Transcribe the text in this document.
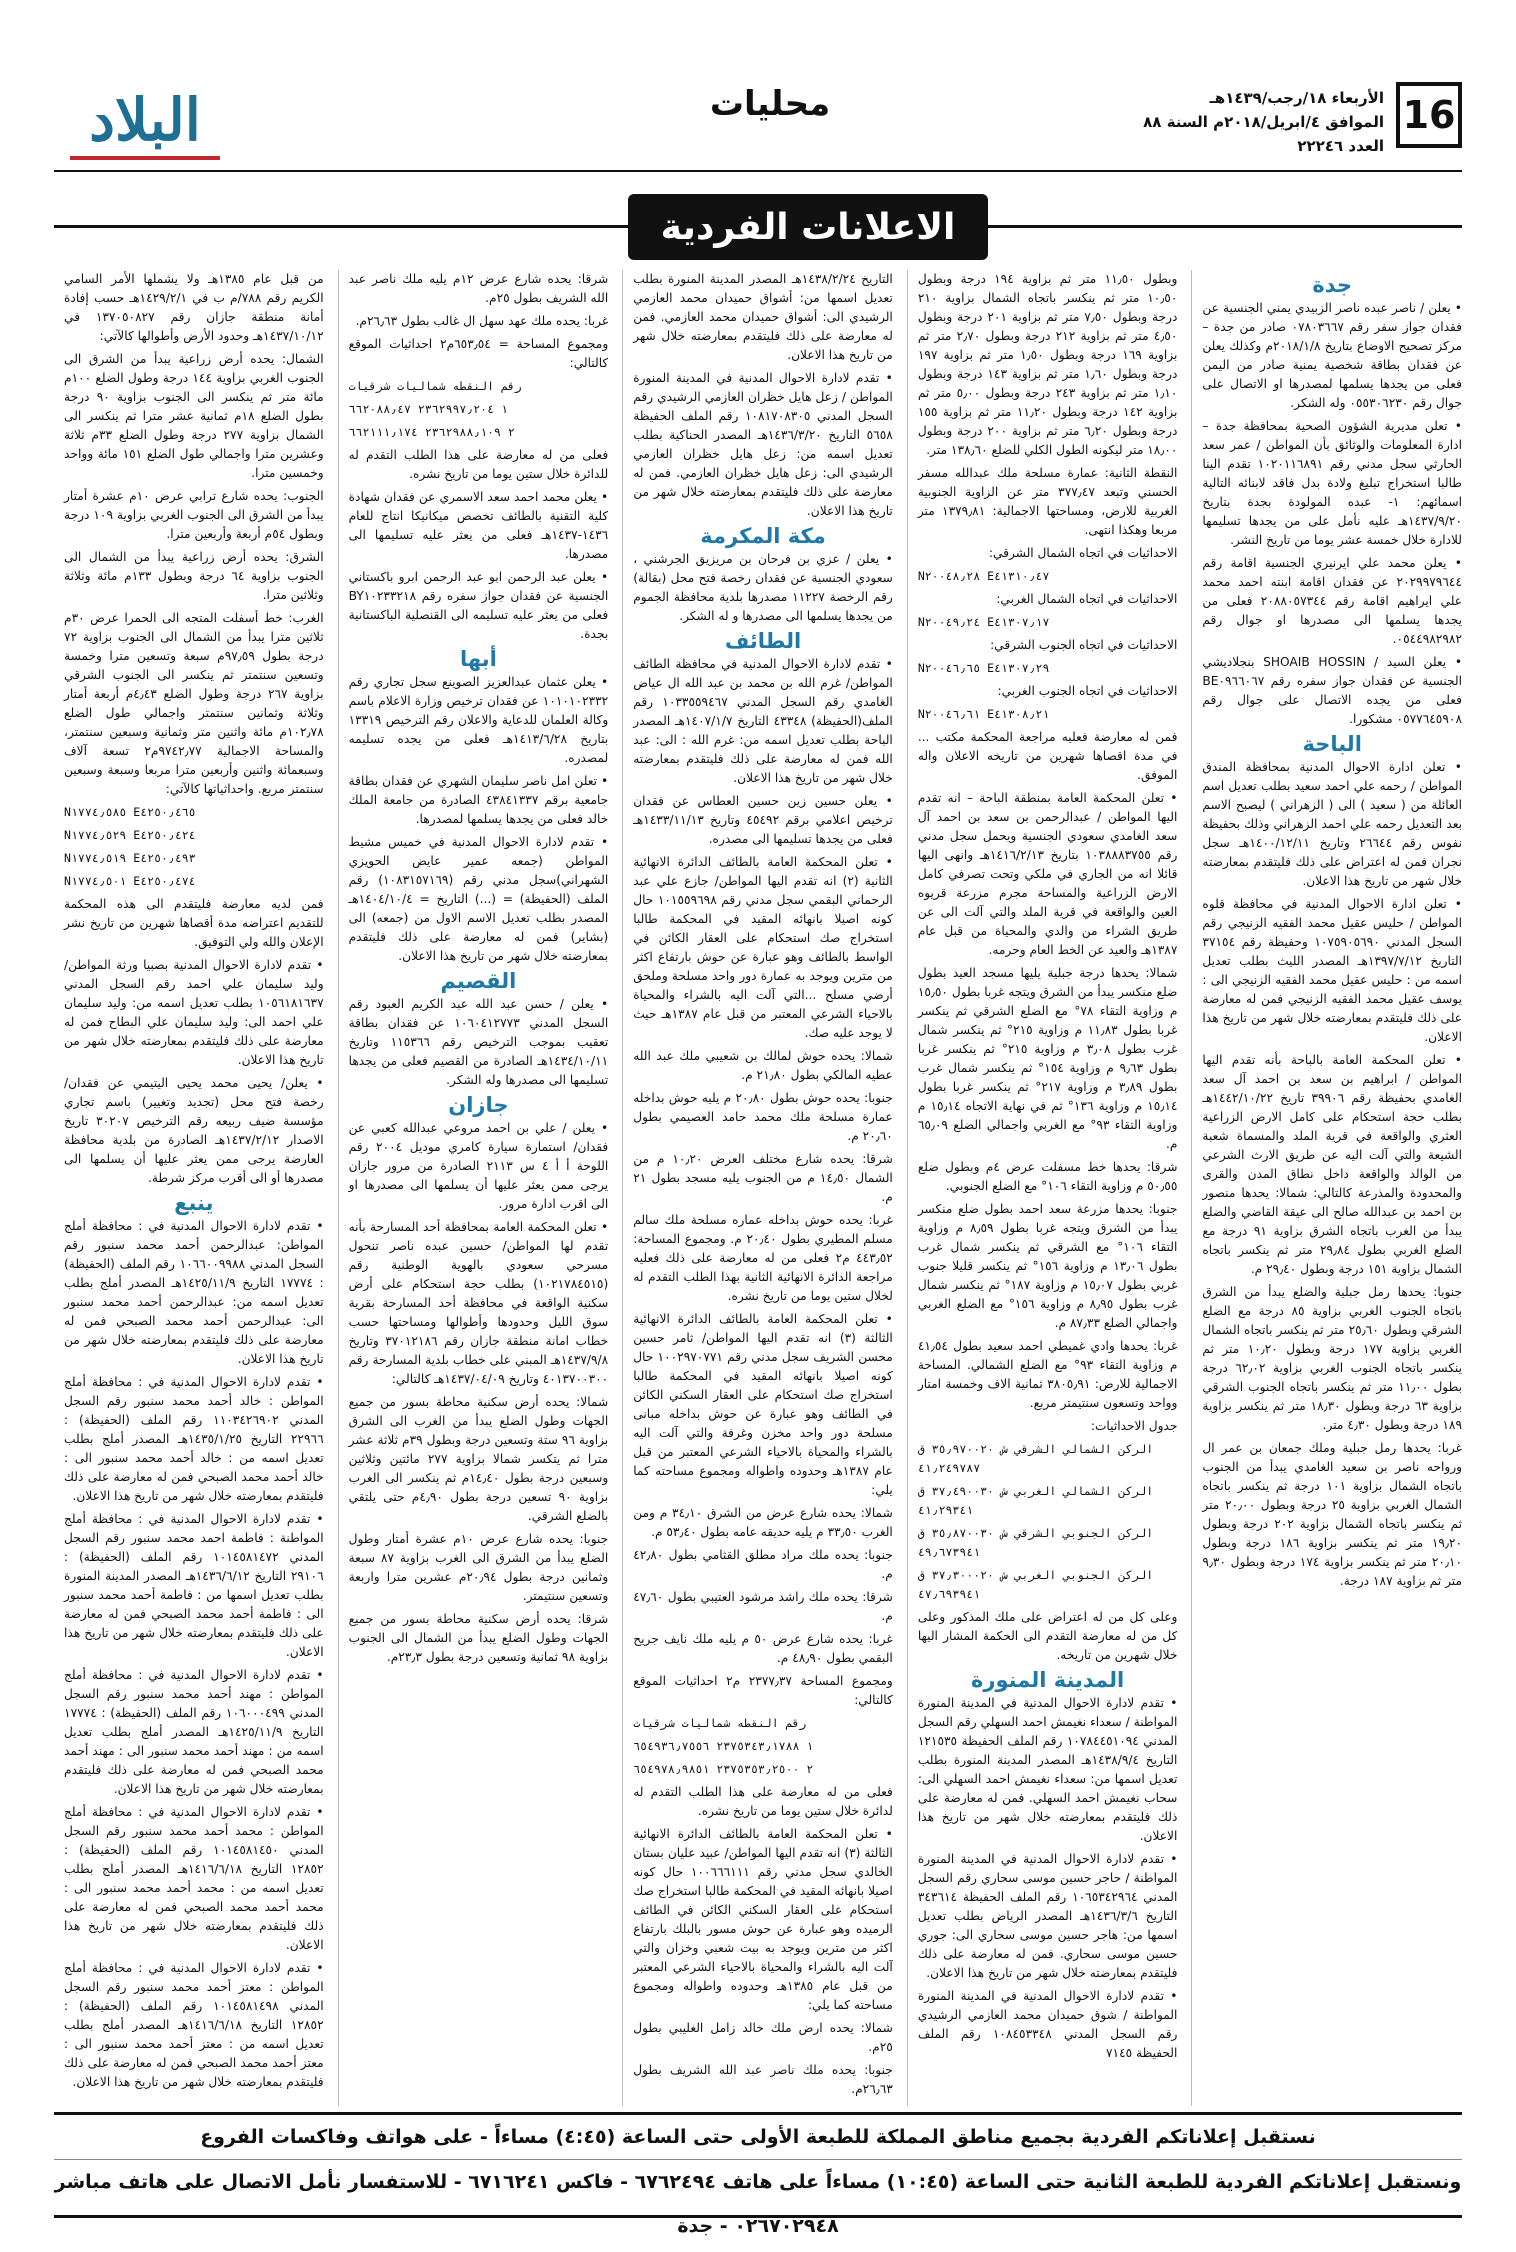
16
الأربعاء ١٨/رجب/١٤٣٩هـ
الموافق ٤/ابريل/٢٠١٨م السنة ٨٨ العدد ٢٢٢٤٦
محليات
البلاد
الاعلانات الفردية
جدة

• يعلن / ناصر عبده ناصر الزبيدي يمني الجنسية عن فقدان جواز سفر رقم ٠٧٨٠٣٦٦٧ صادر من جدة – مركز تصحيح الاوضاع بتاريخ ٢٠١٨/١/٨م وكذلك يعلن عن فقدان بطاقة شخصية يمنية صادر من اليمن فعلى من يجدها يسلمها لمصدرها او الاتصال على جوال رقم ٠٥٥٣٠٦٢٣٠ وله الشكر.

• تعلن مديرية الشؤون الصحية بمحافظة جدة – ادارة المعلومات والوثائق بأن المواطن / عمر سعد الحارثي سجل مدني رقم ١٠٢٠١١٦٨٩١ تقدم الينا طالبا استخراج تبليغ ولادة بدل فاقد لابنائه التالية اسمائهم: ١- عبده المولودة بجدة بتاريخ ١٤٣٧/٩/٢٠هـ عليه نأمل على من يجدها تسليمها للادارة خلال خمسة عشر يوما من تاريخ النشر.

• يعلن محمد علي ايرنيري الجنسية اقامة رقم ٢٠٢٩٩٧٩٦٤٤ عن فقدان اقامة ابنته احمد محمد علي ايراهيم اقامة رقم ٢٠٨٨٠٥٧٣٤٤ فعلى من يجدها يسلمها الى مصدرها او جوال رقم ٠٥٤٤٩٨٢٩٨٢.

• يعلن السيد / SHOAIB HOSSIN بنجلاديشي الجنسية عن فقدان جواز سفره رقم BE٠٩٦٦٠٦٧ فعلى من يجده الاتصال على جوال رقم ٠٥٧٧٦٤٥٩٠٨ مشكورا.

الباحة

• تعلن ادارة الاحوال المدنية بمحافظة المندق المواطن / رحمه علي احمد سعيد بطلب تعديل اسم العائلة من ( سعيد ) الى ( الزهراني ) ليصبح الاسم بعد التعديل رحمه علي احمد الزهراني وذلك بحفيظة نفوس رقم ٢٦٦٤٤ وتاريخ ١٤٠٠/١٢/١١هـ سجل نجران فمن له اعتراض على ذلك فليتقدم بمعارضته خلال شهر من تاريخ هذا الاعلان.

• تعلن ادارة الاحوال المدنية في محافظة قلوه المواطن / حليس عقيل محمد الفقيه الزنيجي رقم السجل المدني ١٠٧٥٩٠٥٦٩٠ وحفيظة رقم ٣٧١٥٤ التاريخ ١٣٩٧/٧/١٢هـ المصدر الليث بطلب تعديل اسمه من : حليس عقيل محمد الفقيه الزنيجي الى : يوسف عقيل محمد الفقيه الزنيجي فمن له معارضة على ذلك فليتقدم بمعارضته خلال شهر من تاريخ هذا الاعلان.

• تعلن المحكمة العامة بالباحة بأنه تقدم اليها المواطن / ابراهيم بن سعد بن احمد آل سعد الغامدي بحفيظة رقم ٣٩٩٠٦ تاريخ ١٤٤٢/١٠/٢٢هـ بطلب حجة استحكام على كامل الارض الزراعية العثري والواقعة في قرية الملد والمسماة شعبة الشيعة والتي آلت اليه عن طريق الارث الشرعي من الوالد والواقعة داخل نطاق المدن والقرى والمحدودة والمذرعة كالتالي: شمالا: يحدها منصور بن احمد بن عبدالله صالح الى عيقة القاضي والضلع يبدأ من الغرب باتجاه الشرق بزاوية ٩١ درجة مع الضلع الغربي بطول ٢٩٫٨٤ متر ثم ينكسر باتجاه الشمال بزاوية ١٥١ درجة وبطول ٢٩٫٤٠ م.

جنوبا: يحدها رمل جبلية والضلع يبدأ من الشرق باتجاه الجنوب الغربي بزاوية ٨٥ درجة مع الضلع الشرقي وبطول ٢٥٫٦٠ متر ثم ينكسر باتجاه الشمال الغربي بزاوية ١٧٧ درجة وبطول ١٠٫٢٠ متر ثم ينكسر باتجاه الجنوب الغربي بزاوية ٦٢٫٠٢ درجة بطول ١١٫٠٠ متر ثم ينكسر باتجاه الجنوب الشرقي بزاوية ٦٣ درجة وبطول ١٨٫٣٠ متر ثم ينكسر بزاوية ١٨٩ درجة وبطول ٤٫٣٠ متر.

غربا: يحدها رمل جبلية وملك جمعان بن عمر ال ورواحه ناصر بن سعيد الغامدي يبدأ من الجنوب باتجاه الشمال بزاوية ١٠١ درجة ثم ينكسر باتجاه الشمال الغربي بزاوية ٢٥ درجة وبطول ٢٠٫٠٠ متر ثم ينكسر باتجاه الشمال بزاوية ٢٠٢ درجة وبطول ١٩٫٢٠ متر ثم ينكسر بزاوية ١٨٦ درجة وبطول ٢٠٫١٠ متر ثم ينكسر بزاوية ١٧٤ درجة وبطول ٩٫٣٠ متر ثم بزاوية ١٨٧ درجة.

وبطول ١١٫٥٠ متر ثم بزاوية ١٩٤ درجة وبطول ١٠٫٥٠ متر ثم ينكسر باتجاه الشمال بزاوية ٢١٠ درجة وبطول ٧٫٥٠ متر ثم بزاوية ٢٠١ درجة وبطول ٤٫٥٠ متر ثم بزاوية ٢١٢ درجة وبطول ٢٫٧٠ متر ثم بزاوية ١٦٩ درجة وبطول ١٫٥٠ متر ثم بزاوية ١٩٧ درجة وبطول ١٫٦٠ متر ثم بزاوية ١٤٣ درجة وبطول ١٫١٠ متر ثم بزاوية ٢٤٣ درجة وبطول ٥٫٠٠ متر ثم بزاوية ١٤٢ درجة وبطول ١١٫٢٠ متر ثم بزاوية ١٥٥ درجة وبطول ٦٫٢٠ متر ثم بزاوية ٢٠٠ درجة وبطول ١٨٫٠٠ متر ليكونه الطول الكلي للضلع ١٣٨٫٦٠ متر.

النقطة الثانية: عمارة مسلحة ملك عبدالله مسفر الحسني وتبعد ٣٧٧٫٤٧ متر عن الزاوية الجنوبية الغربية للارض، ومساحتها الاجمالية: ١٣٧٩٫٨١ متر مربعا وهكذا انتهى.

الاحداثيات في اتجاه الشمال الشرقي:

N٢٠٠٤٨٫٢٨ E٤١٣١٠٫٤٧

الاحداثيات في اتجاه الشمال الغربي:

N٢٠٠٤٩٫٢٤ E٤١٣٠٧٫١٧

الاحداثيات في اتجاه الجنوب الشرقي:

N٢٠٠٤٦٫٦٥ E٤١٣٠٧٫٢٩

الاحداثيات في اتجاه الجنوب الغربي:

N٢٠٠٤٦٫٦١ E٤١٣٠٨٫٢١

فمن له معارضة فعليه مراجعة المحكمة مكتب ... في مدة اقصاها شهرين من تاريخه الاعلان واله الموفق.

• تعلن المحكمة العامة بمنطقة الباحة – انه تقدم اليها المواطن / عبدالرحمن بن سعد بن احمد آل سعد الغامدي سعودي الجنسية ويحمل سجل مدني رقم ١٠٣٨٨٨٣٧٥٥ بتاريخ ١٤١٦/٢/١٣هـ وانهى اليها قائلا انه من الجاري في ملكي وتحت تصرفي كامل الارض الزراعية والمساحة مجرم مزرعة قريوه العين والواقعة في قرية الملد والتي آلت الى عن طريق الشراء من والدي والمحياة من قبل عام ١٣٨٧هـ والعيد عن الخط العام وحرمه.

شمالا: يحدها درجة جبلية يليها مسجد العيد بطول ضلع منكسر يبدأ من الشرق ويتجه غربا بطول ١٥٫٥٠ م وزاوية التقاء ٧٨° مع الضلع الشرقي ثم ينكسر غربا بطول ١١٫٨٣ م وزاوية ٢١٥° ثم ينكسر شمال غرب بطول ٣٫٠٨ م وزاوية ٢١٥° ثم ينكسر غربا بطول ٩٫٦٣ م وزاوية ١٥٤° ثم ينكسر شمال غرب بطول ٣٫٨٩ م وزاوية ٢١٧° ثم ينكسر غربا بطول ١٥٫١٤ م وزاوية ١٣٦° ثم في نهاية الاتجاه ١٥٫١٤ م وزاوية التقاء ٩٣° مع الغربي واجمالي الضلع ٦٥٫٠٩ م.

شرقا: يحدها خط مسفلت عرض ٤م وبطول ضلع ٥٠٫٥٥ م وزاوية التقاء ١٠٦° مع الضلع الجنوبي.

جنوبا: يحدها مزرعة سعد احمد بطول ضلع منكسر يبدأ من الشرق ويتجه غربا بطول ٨٫٥٩ م وزاوية التقاء ١٠٦° مع الشرقي ثم ينكسر شمال غرب بطول ١٣٫٠٦ م وزاوية ١٥٦° ثم ينكسر قليلا جنوب غربي بطول ١٥٫٠٧ م وزاوية ١٨٧° ثم ينكسر شمال غرب بطول ٨٫٩٥ م وزاوية ١٥٦° مع الضلع الغربي واجمالي الضلع ٨٧٫٣٣ م.

غربا: يحدها وادي غميطي احمد سعيد بطول ٤١٫٥٤ م وزاوية التقاء ٩٣° مع الضلع الشمالي. المساحة الاجمالية للارض: ٣٨٠٥٫٩١ ثمانية الاف وخمسة امتار وواحد وتسعون سنتيمتر مربع.

جدول الاحداثيات:

الركن الشمالي الشرقي ش ٣٥٫٩٧٠٠٢٠ ق ٤١٫٢٤٩٧٨٧

الركن الشمالي الغربي ش ٣٧٫٤٩٠٠٣٠ ق ٤١٫٢٩٣٤١

الركن الجنوبي الشرقي ش ٣٥٫٨٧٠٠٣٠ ق ٤٩٫٦٧٣٩٤١

الركن الجنوبي الغربي ش ٣٧٫٣٠٠٠٢٠ ق ٤٧٫٦٩٣٩٤١

وعلى كل من له اعتراض على ملك المذكور وعلى كل من له معارضة التقدم الى الحكمة المشار اليها خلال شهرين من تاريخه.

المدينة المنورة

• تقدم لادارة الاحوال المدنية في المدينة المنورة المواطنة / سعداء نغيمش احمد السهلي رقم السجل المدني ١٠٧٨٤٤٥١٠٩٤ رقم الملف الحفيظة ١٢١٥٣٥ التاريخ ١٤٣٨/٩/٤هـ المصدر المدينة المنورة بطلب تعديل اسمها من: سعداء نغيمش احمد السهلي الى: سحاب نغيمش احمد السهلي. فمن له معارضة على ذلك فليتقدم بمعارضته خلال شهر من تاريخ هذا الاعلان.

• تقدم لادارة الاحوال المدنية في المدينة المنورة المواطنة / حاجر حسين موسى سحاري رقم السجل المدني ١٠٦٥٣٤٢٩٦٤ رقم الملف الحفيظة ٣٤٣٦١٤ التاريخ ١٤٣٦/٣/٦هـ المصدر الرياض بطلب تعديل اسمها من: هاجر حسين موسى سحاري الى: جوري حسين موسى سحاري. فمن له معارضة على ذلك فليتقدم بمعارضته خلال شهر من تاريخ هذا الاعلان.

• تقدم لادارة الاحوال المدنية في المدينة المنورة المواطنة / شوق حميدان محمد العازمي الرشيدي رقم السجل المدني ١٠٨٤٥٣٣٤٨ رقم الملف الحفيظة ٧١٤٥

التاريخ ١٤٣٨/٢/٢٤هـ المصدر المدينة المنورة بطلب تعديل اسمها من: أشواق حميدان محمد العازمي الرشيدي الى: أشواق حميدان محمد العازمي. فمن له معارضة على ذلك فليتقدم بمعارضته خلال شهر من تاريخ هذا الاعلان.

• تقدم لادارة الاحوال المدنية في المدينة المنورة المواطن / زعل هايل خظران العازمي الرشيدي رقم السجل المدني ١٠٨١٧٠٨٣٠٥ رقم الملف الحفيظة ٥٦٥٨ التاريخ ١٤٣٦/٣/٢٠هـ المصدر الحناكية بطلب تعديل اسمه من: زعل هايل خظران العازمي الرشيدي الى: زعل هايل خظران العازمي. فمن له معارضة على ذلك فليتقدم بمعارضته خلال شهر من تاريخ هذا الاعلان.

مكة المكرمة

• يعلن / عزي بن فرحان بن مريزيق الجرشني ، سعودي الجنسية عن فقدان رخصة فتح محل (بقالة) رقم الرخصة ١١٢٢٧ مصدرها بلدية محافظة الجموم من يجدها يسلمها الى مصدرها و له الشكر.

الطائف

• تقدم لادارة الاحوال المدنية في محافظة الطائف المواطن/ غرم الله بن محمد بن عبد الله ال عياض الغامدي رقم السجل المدني ١٠٣٣٥٥٩٤٦٧ رقم الملف(الحفيظة) ٤٣٣٤٨ التاريخ ١٤٠٧/١/٧هـ المصدر الباحة بطلب تعديل اسمه من: غرم الله : الى: عبد الله فمن له معارضة على ذلك فليتقدم بمعارضته خلال شهر من تاريخ هذا الاعلان.

• يعلن حسين زين حسين العطاس عن فقدان ترخيص اعلامي برقم ٤٥٤٩٢ وتاريخ ١٤٣٣/١١/١٣هـ فعلى من يجدها تسليمها الى مصدره.

• تعلن المحكمة العامة بالطائف الدائرة الانهائية الثانية (٢) انه تقدم اليها المواطن/ جازع علي عبد الرحماني البقمي سجل مدني رقم ١٠١٥٥٩٦٩٨ حال كونه اصيلا بانهائه المقيد في المحكمة طالبا استخراج صك استحكام على العقار الكائن في الواسط بالطائف وهو عبارة عن حوش بارتفاع اكثر من مترين ويوجد به عمارة دور واحد مسلحة وملحق أرضي مسلح ...التي آلت اليه بالشراء والمحياة بالاحياء الشرعي المعتبر من قبل عام ١٣٨٧هـ حيث لا يوجد عليه صك.

شمالا: يحده حوش لمالك بن شعيبي ملك عبد الله عطيه المالكي بطول ٢١٫٨٠ م.

جنوبا: يحده حوش بطول ٢٠٫٨٠ م يليه حوش بداخله عمارة مسلحة ملك محمد حامد العصيمي بطول ٢٠٫٦٠ م.

شرقا: يحده شارع مختلف العرض ١٠٫٢٠ م من الشمال ١٤٫٥٠ م من الجنوب يليه مسجد بطول ٢١ م.

غربا: يحده حوش بداخله عماره مسلحة ملك سالم مسلم المطيري بطول ٢٠٫٤٠ م. ومجموع المساحة: ٤٤٣٫٥٢ م٢ فعلى من له معارضة على ذلك فعليه مراجعة الدائرة الانهائية الثانية بهذا الطلب التقدم له لخلال ستين يوما من تاريخ نشره.

• تعلن المحكمة العامة بالطائف الدائرة الانهائية الثالثة (٣) انه تقدم اليها المواطن/ ثامر حسين محسن الشريف سجل مدني رقم ١٠٠٢٩٧٠٧٧١ حال كونه اصيلا بانهائه المقيد في المحكمة طالبا استخراج صك استحكام على العقار السكني الكائن في الطائف وهو عبارة عن حوش بداخله مبانى مسلحة دور واحد مخزن وغرفة والتي آلت اليه بالشراء والمحياة بالاحياء الشرعي المعتبر من قبل عام ١٣٨٧هـ وحدوده واطواله ومجموع مساحته كما يلي:

شمالا: يحده شارع عرض من الشرق ٣٤٫١٠ م ومن الغرب ٣٣٫٥٠ م يليه حديقه عامه بطول ٥٣٫٤٠ م.

جنوبا: يحده ملك مراد مطلق القثامي بطول ٤٢٫٨٠ م.

شرقا: يحده ملك راشد مرشود العتيبي بطول ٤٧٫٦٠ م.

غربا: يحده شارع عرض ٥٠ م يليه ملك نايف جريح البقمي بطول ٤٨٫٩٠ م.

ومجموع المساحة ٢٣٧٧٫٣٧ م٢ احداثيات الموقع كالتالي:

رقم النقطه شماليات شرقيات

١ ٢٣٧٥٣٤٣٫١٧٨٨ ٦٥٤٩٣٦٫٧٥٥٦

٢ ٢٣٧٥٣٥٣٫٢٥٠٠ ٦٥٤٩٧٨٫٩٨٥١

فعلى من له معارضة على هذا الطلب التقدم له لدائرة خلال ستين يوما من تاريخ نشره.

• تعلن المحكمة العامة بالطائف الدائرة الانهائية الثالثة (٣) انه تقدم اليها المواطن/ عبيد عليان بستان الخالدي سجل مدني رقم ١٠٠٦٦٦١١١ حال كونه اصيلا بانهائه المقيد في المحكمة طالبا استخراج صك استحكام على العقار السكني الكائن في الطائف الرميده وهو عبارة عن حوش مسور بالبلك بارتفاع اكثر من مترين ويوجد به بيت شعبي وخزان والتي آلت اليه بالشراء والمحياة بالاحياء الشرعي المعتبر من قبل عام ١٣٨٥هـ وحدوده واطواله ومجموع مساحته كما يلي:

شمالا: يحده ارض ملك خالد زامل الغليبي بطول ٢٥م.

جنوبا: يحده ملك ناصر عبد الله الشريف بطول ٢٦٫٦٣م.

شرقا: يحده شارع عرض ١٢م يليه ملك ناصر عبد الله الشريف بطول ٢٥م.

غربا: يحده ملك عهد سهل ال غالب بطول ٢٦٫٦٣م.

ومجموع المساحة = ٦٥٣٫٥٤م٢ احداثيات الموقع كالتالي:

رقم النقطه شماليات شرقيات

١ ٢٣٦٢٩٩٧٫٢٠٤ ٦٦٢٠٨٨٫٤٧

٢ ٢٣٦٢٩٨٨٫١٠٩ ٦٦٢١١١٫١٧٤

فعلى من له معارضة على هذا الطلب التقدم له للدائرة خلال ستين يوما من تاريخ نشره.

• يعلن محمد احمد سعد الاسمري عن فقدان شهادة كلية التقنية بالطائف تخصص ميكانيكا انتاج للعام ١٤٣٦-١٤٣٧هـ فعلى من يعثر عليه تسليمها الى مصدرها.

• يعلن عبد الرحمن ابو عبد الرحمن ابرو باكستاني الجنسية عن فقدان جواز سفره رقم BY١٠٢٣٣٢١٨ فعلى من يعثر عليه تسليمه الى القنصلية الباكستانية بجدة.

أبها

• يعلن عثمان عبدالعزيز الصوينع سجل تجاري رقم ١٠١٠١٠٢٣٣٢ عن فقدان ترخيص وزارة الاعلام باسم وكالة العلمان للدعاية والاعلان رقم الترخيص ١٣٣١٩ بتاريخ ١٤١٣/٦/٢٨هـ فعلى من يجده تسليمه لمصدره.

• تعلن امل ناصر سليمان الشهري عن فقدان بطاقة جامعية برقم ٤٣٨٤١٣٣٧ الصادرة من جامعة الملك خالد فعلى من يجدها يسلمها لمصدرها.

• تقدم لادارة الاحوال المدنية في خميس مشيط المواطن (جمعه عمير عايض الحويزي الشهراني)سجل مدني رقم (١٠٨٣١٥٧١٦٩) رقم الملف (الحفيظة) = (...) التاريخ = ١٤٠٤/١٠/٤هـ المصدر بطلب تعديل الاسم الاول من (جمعه) الى (بشاير) فمن له معارضة على ذلك فليتقدم بمعارضته خلال شهر من تاريخ هذا الاعلان.

القصيم

• يعلن / حسن عبد الله عبد الكريم العبود رقم السجل المدني ١٠٦٠٤١٢٧٧٣ عن فقدان بطاقة تعقيب بموجب الترخيص رقم ١١٥٣٦٦ وتاريخ ١٤٣٤/١٠/١١هـ الصادرة من القصيم فعلى من يجدها تسليمها الى مصدرها وله الشكر.

جازان

• يعلن / علي بن احمد مروعي عبدالله كعبي عن فقدان/ استمارة سيارة كامري موديل ٢٠٠٤ رقم اللوحة أ أ ٤ س ٢١١٣ الصادرة من مرور جازان يرجى ممن يعثر عليها أن يسلمها الى مصدرها او الى اقرب ادارة مرور.

• تعلن المحكمة العامة بمحافظة أحد المسارحة بأنه تقدم لها المواطن/ حسين عبده ناصر تنحول مسرحي سعودي بالهوية الوطنية رقم (١٠٢١٧٨٤٥١٥) بطلب حجة استحكام على أرض سكنية الواقعة في محافظة أحد المسارحة بقرية سوق الليل وحدودها وأطوالها ومساحتها حسب خطاب امانة منطقة جازان رقم ٣٧٠١٢١٨٦ وتاريخ ١٤٣٧/٩/٨هـ المبني على خطاب بلدية المسارحة رقم ٤٠١٣٧٠٠٣٠٠ وتاريخ ١٤٣٧/٠٤/٠٩هـ كالتالي:

شمالا: يحده أرض سكنية محاطة بسور من جميع الجهات وطول الضلع يبدأ من الغرب الى الشرق بزاوية ٩٦ ستة وتسعين درجة وبطول ٣٩م ثلاثة عشر مترا ثم يتكسر شمالا بزاوية ٢٧٧ مائتين وثلاثين وسبعين درجة بطول ١٤٫٤٠م ثم ينكسر الى الغرب بزاوية ٩٠ تسعين درجة بطول ٤٫٩٠م حتى يلتقي بالضلع الشرقي.

جنوبا: يحده شارع عرض ١٠م عشرة أمتار وطول الضلع يبدأ من الشرق الى الغرب بزاوية ٨٧ سبعة وثمانين درجة بطول ٢٠٫٩٤م عشرين مترا واربعة وتسعين سنتيمتر.

شرقا: يحده أرض سكنية محاطة بسور من جميع الجهات وطول الضلع يبدأ من الشمال الى الجنوب بزاوية ٩٨ ثمانية وتسعين درجة بطول ٢٣٫٣م.

من قبل عام ١٣٨٥هـ ولا يشملها الأمر السامي الكريم رقم ٧٨٨/م ب في ١٤٢٩/٢/١هـ حسب إفادة أمانة منطقة جازان رقم ١٣٧٠٥٠٨٢٧ في ١٤٣٧/١٠/١٢هـ وحدود الأرض وأطوالها كالآتي:

الشمال: يحده أرض زراعية يبدأ من الشرق الى الجنوب الغربي بزاوية ١٤٤ درجة وطول الضلع ١٠٠م مائة متر ثم ينكسر الى الجنوب بزاوية ٩٠ درجة بطول الضلع ١٨م ثمانية عشر مترا ثم ينكسر الى الشمال بزاوية ٢٧٧ درجة وطول الضلع ٣٣م ثلاثة وعشرين مترا واجمالي طول الضلع ١٥١ مائة وواحد وخمسين مترا.

الجنوب: يحده شارع ترابي عرض ١٠م عشرة أمتار يبدأ من الشرق الى الجنوب الغربي بزاوية ١٠٩ درجة وبطول ٥٤م أربعة وأربعين مترا.

الشرق: يحده أرض زراعية يبدأ من الشمال الى الجنوب بزاوية ٦٤ درجة وبطول ١٣٣م مائة وثلاثة وثلاثين مترا.

الغرب: خط أسفلت المتجه الى الحمرا عرض ٣٠م ثلاثين مترا يبدأ من الشمال الى الجنوب بزاوية ٧٢ درجة بطول ٩٧٫٥٩م سبعة وتسعين مترا وخمسة وتسعين سنتمتر ثم ينكسر الى الجنوب الشرقي بزاوية ٢٦٧ درجة وطول الضلع ٤٫٤٣م أربعة أمتار وثلاثة وثمانين سنتمتر واجمالي طول الضلع ١٠٢٫٧٨م مائة واثنين متر وثمانية وسبعين سنتمتر، والمساحة الاجمالية ٩٧٤٢٫٧٧م٢ تسعة آلاف وسبعمائة واثنين وأربعين مترا مربعا وسبعة وسبعين سنتمتر مربع. واحداثياتها كالآتي:

N١٧٧٤٫٥٨٥ E٤٢٥٠٫٤٦٥

N١٧٧٤٫٥٢٩ E٤٢٥٠٫٤٢٤

N١٧٧٤٫٥١٩ E٤٢٥٠٫٤٩٣

N١٧٧٤٫٥٠١ E٤٢٥٠٫٤٧٤

فمن لديه معارضة فليتقدم الى هذه المحكمة للتقديم اعتراضه مدة أقصاها شهرين من تاريخ نشر الإعلان والله ولي التوفيق.

• تقدم لادارة الاحوال المدنية بصبيا ورثة المواطن/ وليد سليمان علي احمد رقم السجل المدني ١٠٥٦١٨١٦٣٧ بطلب تعديل اسمه من: وليد سليمان علي احمد الى: وليد سليمان علي البطاح فمن له معارضة على ذلك فليتقدم بمعارضته خلال شهر من تاريخ هذا الاعلان.

• يعلن/ يحيى محمد يحيى اليتيمي عن فقدان/ رخصة فتح محل (تجديد وتغيير) باسم تجاري مؤسسة ضيف ربيعه رقم الترخيص ٣٠٢٠٧ تاريخ الاصدار ١٤٣٧/٢/١٢هـ الصادرة من بلدية محافظة العارضة يرجى ممن يعثر عليها أن يسلمها الى مصدرها أو الى أقرب مركز شرطة.

ينبع

• تقدم لادارة الاحوال المدنية في : محافظة أملج المواطن: عبدالرحمن أحمد محمد سنبور رقم السجل المدني ١٠٦٦٠٠٩٩٨٨ رقم الملف (الحفيظة) : ١٧٧٧٤ التاريخ ١٤٢٥/١١/٩هـ المصدر أملج بطلب تعديل اسمه من: عبدالرحمن أحمد محمد سنبور الى: عبدالرحمن أحمد محمد الصبحي فمن له معارضة على ذلك فليتقدم بمعارضته خلال شهر من تاريخ هذا الاعلان.

• تقدم لادارة الاحوال المدنية في : محافظة أملج المواطن : خالد أحمد محمد سنبور رقم السجل المدني ١١٠٣٤٢٦٩٠٢ رقم الملف (الحفيظة) : ٢٢٩٦٦ التاريخ ١٤٣٥/١/٢٥هـ المصدر أملج بطلب تعديل اسمه من : خالد أحمد محمد سنبور الى : خالد أحمد محمد الصبحي فمن له معارضة على ذلك فليتقدم بمعارضته خلال شهر من تاريخ هذا الاعلان.

• تقدم لادارة الاحوال المدنية في : محافظة أملج المواطنة : فاطمة احمد محمد سنبور رقم السجل المدني ١٠١٤٥٨١٤٧٢ رقم الملف (الحفيظة) : ٢٩١٠٦ التاريخ ١٤٣٦/٦/١٢هـ المصدر المدينة المنورة بطلب تعديل اسمها من : فاطمة أحمد محمد سنبور الى : فاطمة أحمد محمد الصبحي فمن له معارضة على ذلك فليتقدم بمعارضته خلال شهر من تاريخ هذا الاعلان.

• تقدم لادارة الاحوال المدنية في : محافظة أملج المواطن : مهند أحمد محمد سنبور رقم السجل المدني ١٠٦٠٠٠٤٩٩ رقم الملف (الحفيظة) : ١٧٧٧٤ التاريخ ١٤٢٥/١١/٩هـ المصدر أملج بطلب تعديل اسمه من : مهند أحمد محمد سنبور الى : مهند أحمد محمد الصبحي فمن له معارضة على ذلك فليتقدم بمعارضته خلال شهر من تاريخ هذا الاعلان.

• تقدم لادارة الاحوال المدنية في : محافظة أملج المواطن : محمد أحمد محمد سنبور رقم السجل المدني ١٠١٤٥٨١٤٥٠ رقم الملف (الحفيظة) : ١٢٨٥٢ التاريخ ١٤١٦/٦/١٨هـ المصدر أملج بطلب تعديل اسمه من : محمد أحمد محمد سنبور الى : محمد أحمد محمد الصبحي فمن له معارضة على ذلك فليتقدم بمعارضته خلال شهر من تاريخ هذا الاعلان.

• تقدم لادارة الاحوال المدنية في : محافظة أملج المواطن : معتز أحمد محمد سنبور رقم السجل المدني ١٠١٤٥٨١٤٩٨ رقم الملف (الحفيظة) : ١٢٨٥٢ التاريخ ١٤١٦/٦/١٨هـ المصدر أملج بطلب تعديل اسمه من : معتز أحمد محمد سنبور الى : معتز أحمد محمد الصبحي فمن له معارضة على ذلك فليتقدم بمعارضته خلال شهر من تاريخ هذا الاعلان.

نستقبل إعلاناتكم الفردية بجميع مناطق المملكة للطبعة الأولى حتى الساعة (٤:٤٥) مساءاً - على هواتف وفاكسات الفروع
ونستقبل إعلاناتكم الفردية للطبعة الثانية حتى الساعة (١٠:٤٥) مساءاً على هاتف ٦٧٦٢٤٩٤ - فاكس ٦٧١٦٢٤١ - للاستفسار نأمل الاتصال على هاتف مباشر ٠٢٦٧٠٢٩٤٨ - جدة
